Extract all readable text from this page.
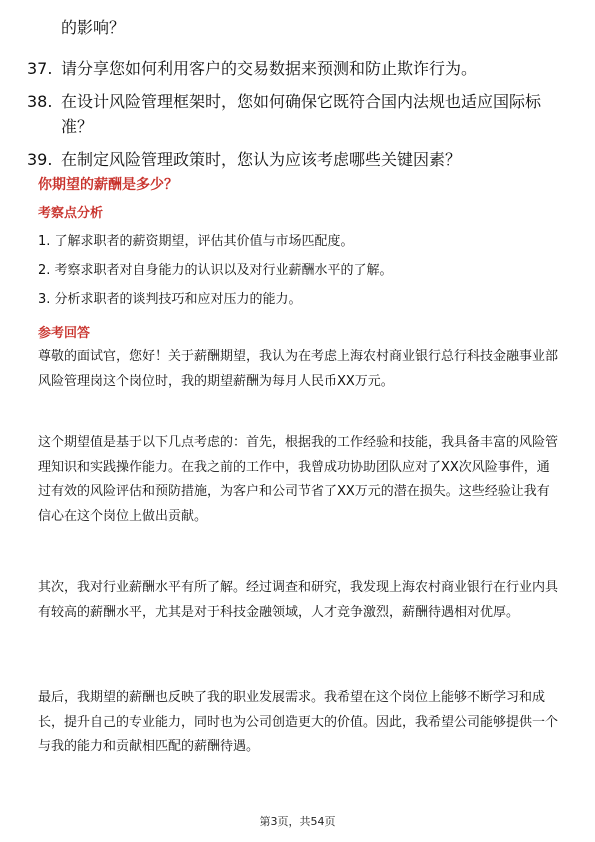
的影响？

37. 请分享您如何利用客户的交易数据来预测和防止欺诈行为。
38. 在设计风险管理框架时，您如何确保它既符合国内法规也适应国际标准？
39. 在制定风险管理政策时，您认为应该考虑哪些关键因素？
你期望的薪酬是多少？
考察点分析
1. 了解求职者的薪资期望，评估其价值与市场匹配度。
2. 考察求职者对自身能力的认识以及对行业薪酬水平的了解。
3. 分析求职者的谈判技巧和应对压力的能力。
参考回答

尊敬的面试官，您好！关于薪酬期望，我认为在考虑上海农村商业银行总行科技金融事业部风险管理岗这个岗位时，我的期望薪酬为每月人民币XX万元。

这个期望值是基于以下几点考虑的：首先，根据我的工作经验和技能，我具备丰富的风险管理知识和实践操作能力。在我之前的工作中，我曾成功协助团队应对了XX次风险事件，通过有效的风险评估和预防措施，为客户和公司节省了XX万元的潜在损失。这些经验让我有信心在这个岗位上做出贡献。

其次，我对行业薪酬水平有所了解。经过调查和研究，我发现上海农村商业银行在行业内具有较高的薪酬水平，尤其是对于科技金融领域，人才竞争激烈，薪酬待遇相对优厚。

最后，我期望的薪酬也反映了我的职业发展需求。我希望在这个岗位上能够不断学习和成长，提升自己的专业能力，同时也为公司创造更大的价值。因此，我希望公司能够提供一个与我的能力和贡献相匹配的薪酬待遇。

第3页，共54页
